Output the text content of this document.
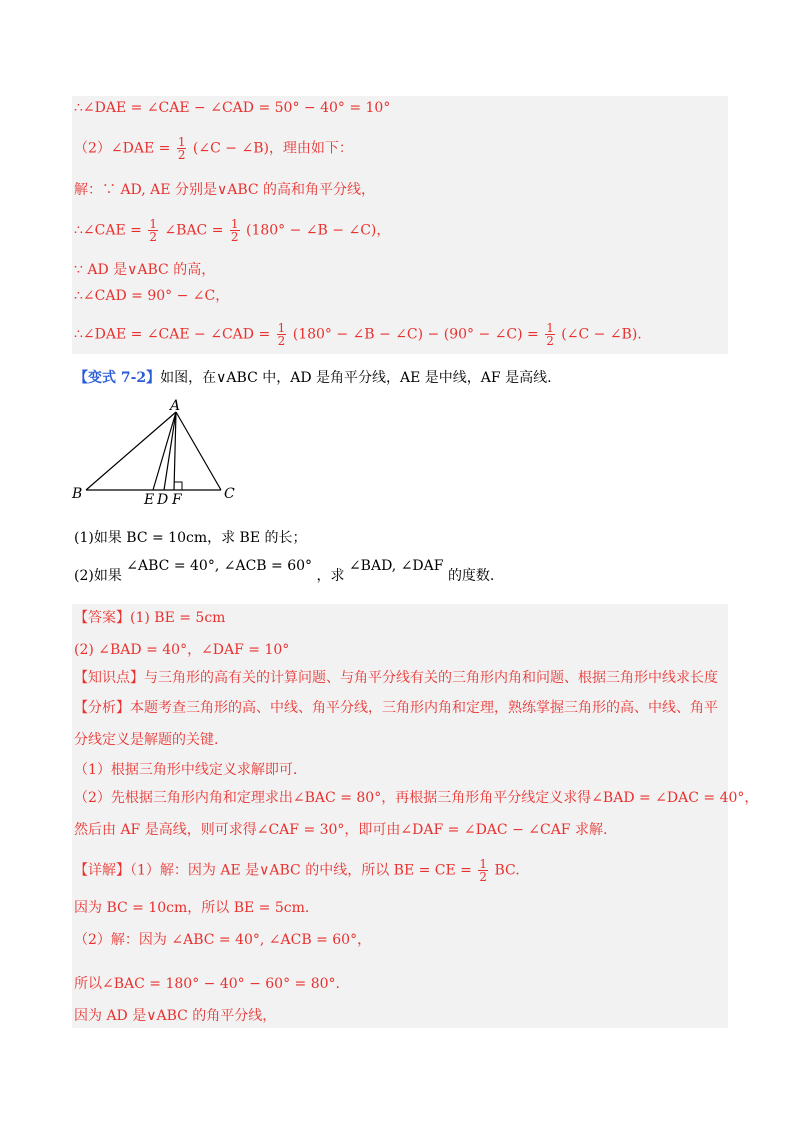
∴∠DAE = ∠CAE − ∠CAD = 50° − 40° = 10°
（2）∠DAE = $\frac{1}{2}$ (∠C − ∠B)，理由如下：
解：∵ AD, AE 分别是∨ABC 的高和角平分线，
∴∠CAE = $\frac{1}{2}$ ∠BAC = $\frac{1}{2} (180^\circ$ − ∠B − ∠C)，
∵ AD 是∨ABC 的高，
∴∠CAD = 90° − ∠C，
∴∠DAE = ∠CAE − ∠CAD = $\frac{1}{2} (180^\circ$ − ∠B − ∠C) − (90° − ∠C) = $\frac{1}{2}$ (∠C − ∠B).
【变式 7-2】如图，在∨ABC 中，AD 是角平分线，AE 是中线，AF 是高线.
A
B	C
E D F
(1)如果 BC = 10cm，求 BE 的长；
(2)如果 ∠ABC = 40°, ∠ACB = 60° ，求 ∠BAD, ∠DAF 的度数.
【答案】(1) BE = 5cm
(2) ∠BAD = 40°，∠DAF = 10°
【知识点】与三角形的高有关的计算问题、与角平分线有关的三角形内角和问题、根据三角形中线求长度
【分析】本题考查三角形的高、中线、角平分线，三角形内角和定理，熟练掌握三角形的高、中线、角平
分线定义是解题的关键.
（1）根据三角形中线定义求解即可.
（2）先根据三角形内角和定理求出∠BAC = 80°，再根据三角形角平分线定义求得∠BAD = ∠DAC = 40°，
然后由 AF 是高线，则可求得∠CAF = 30°，即可由∠DAF = ∠DAC − ∠CAF 求解.
【详解】（1）解：因为 AE 是∨ABC 的中线，所以 BE = CE = $\frac{1}{2}$ BC.
因为 BC = 10cm，所以 BE = 5cm.
（2）解：因为 ∠ABC = 40°, ∠ACB = 60°，
所以∠BAC = 180° − 40° − 60° = 80°.
因为 AD 是∨ABC 的角平分线，
